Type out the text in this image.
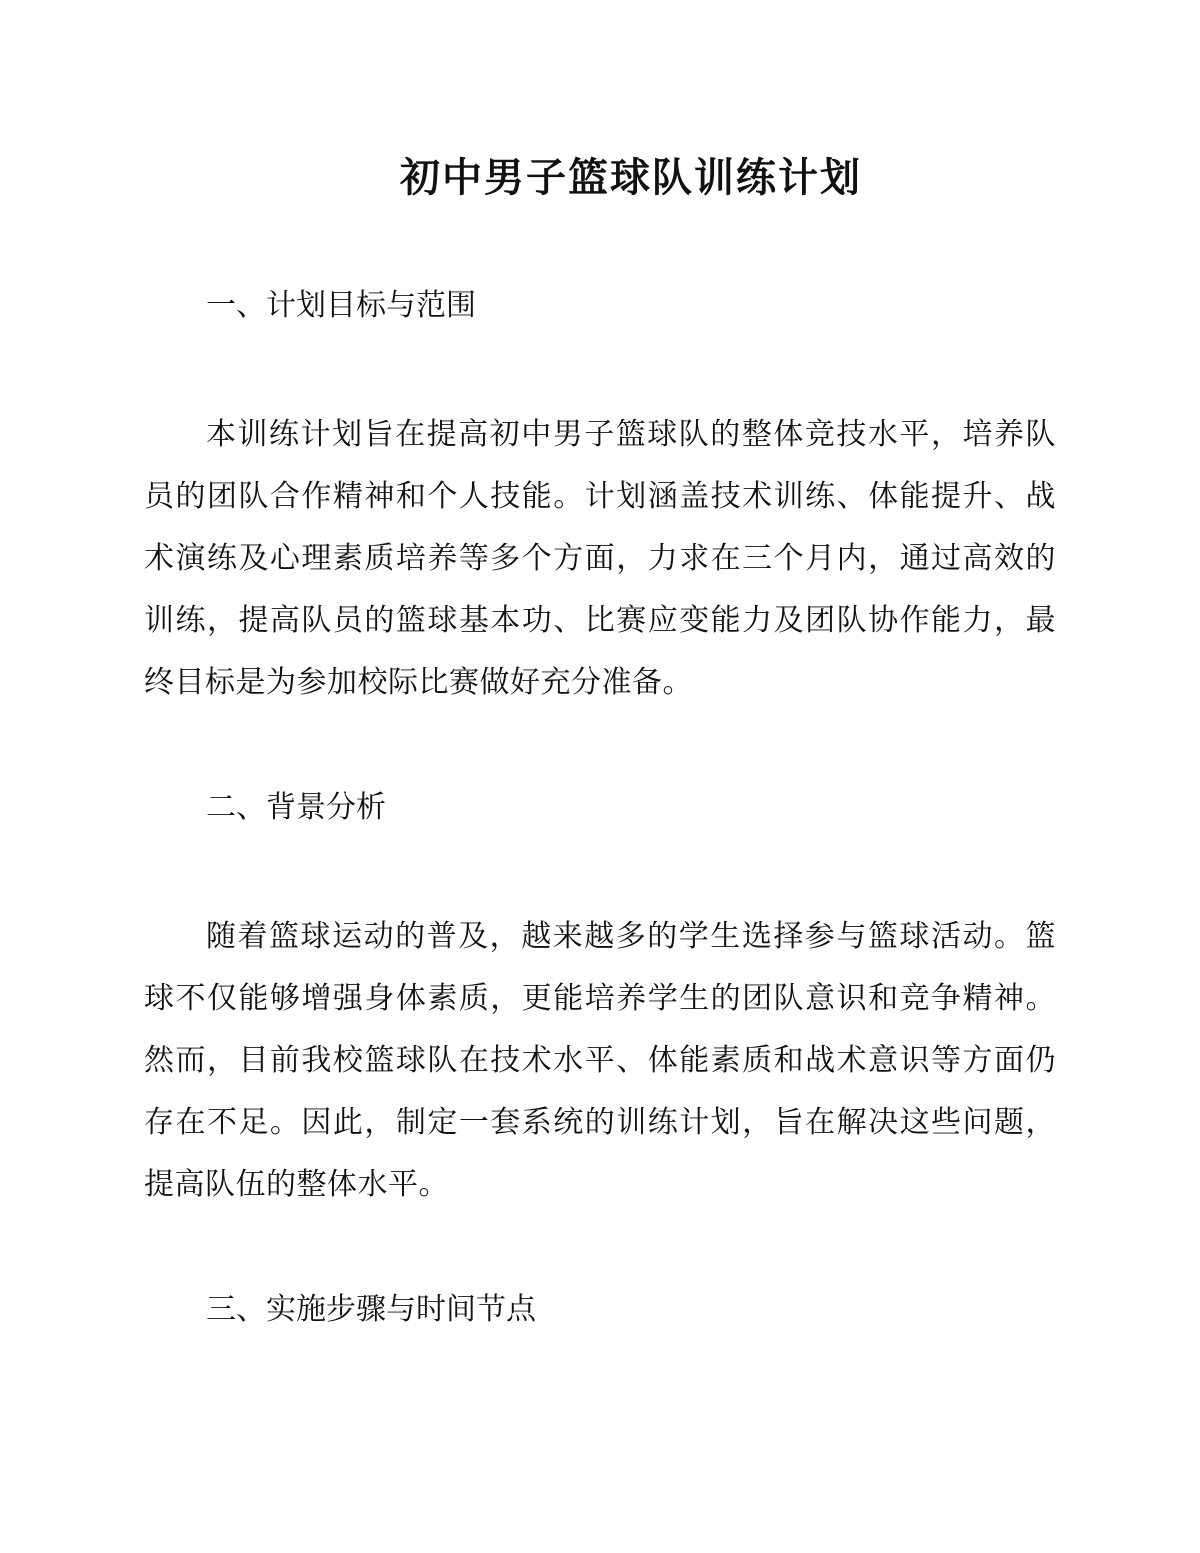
初中男子篮球队训练计划
一、计划目标与范围

本训练计划旨在提高初中男子篮球队的整体竞技水平，培养队员的团队合作精神和个人技能。计划涵盖技术训练、体能提升、战术演练及心理素质培养等多个方面，力求在三个月内，通过高效的训练，提高队员的篮球基本功、比赛应变能力及团队协作能力，最终目标是为参加校际比赛做好充分准备。

二、背景分析

随着篮球运动的普及，越来越多的学生选择参与篮球活动。篮球不仅能够增强身体素质，更能培养学生的团队意识和竞争精神。然而，目前我校篮球队在技术水平、体能素质和战术意识等方面仍存在不足。因此，制定一套系统的训练计划，旨在解决这些问题，提高队伍的整体水平。

三、实施步骤与时间节点
